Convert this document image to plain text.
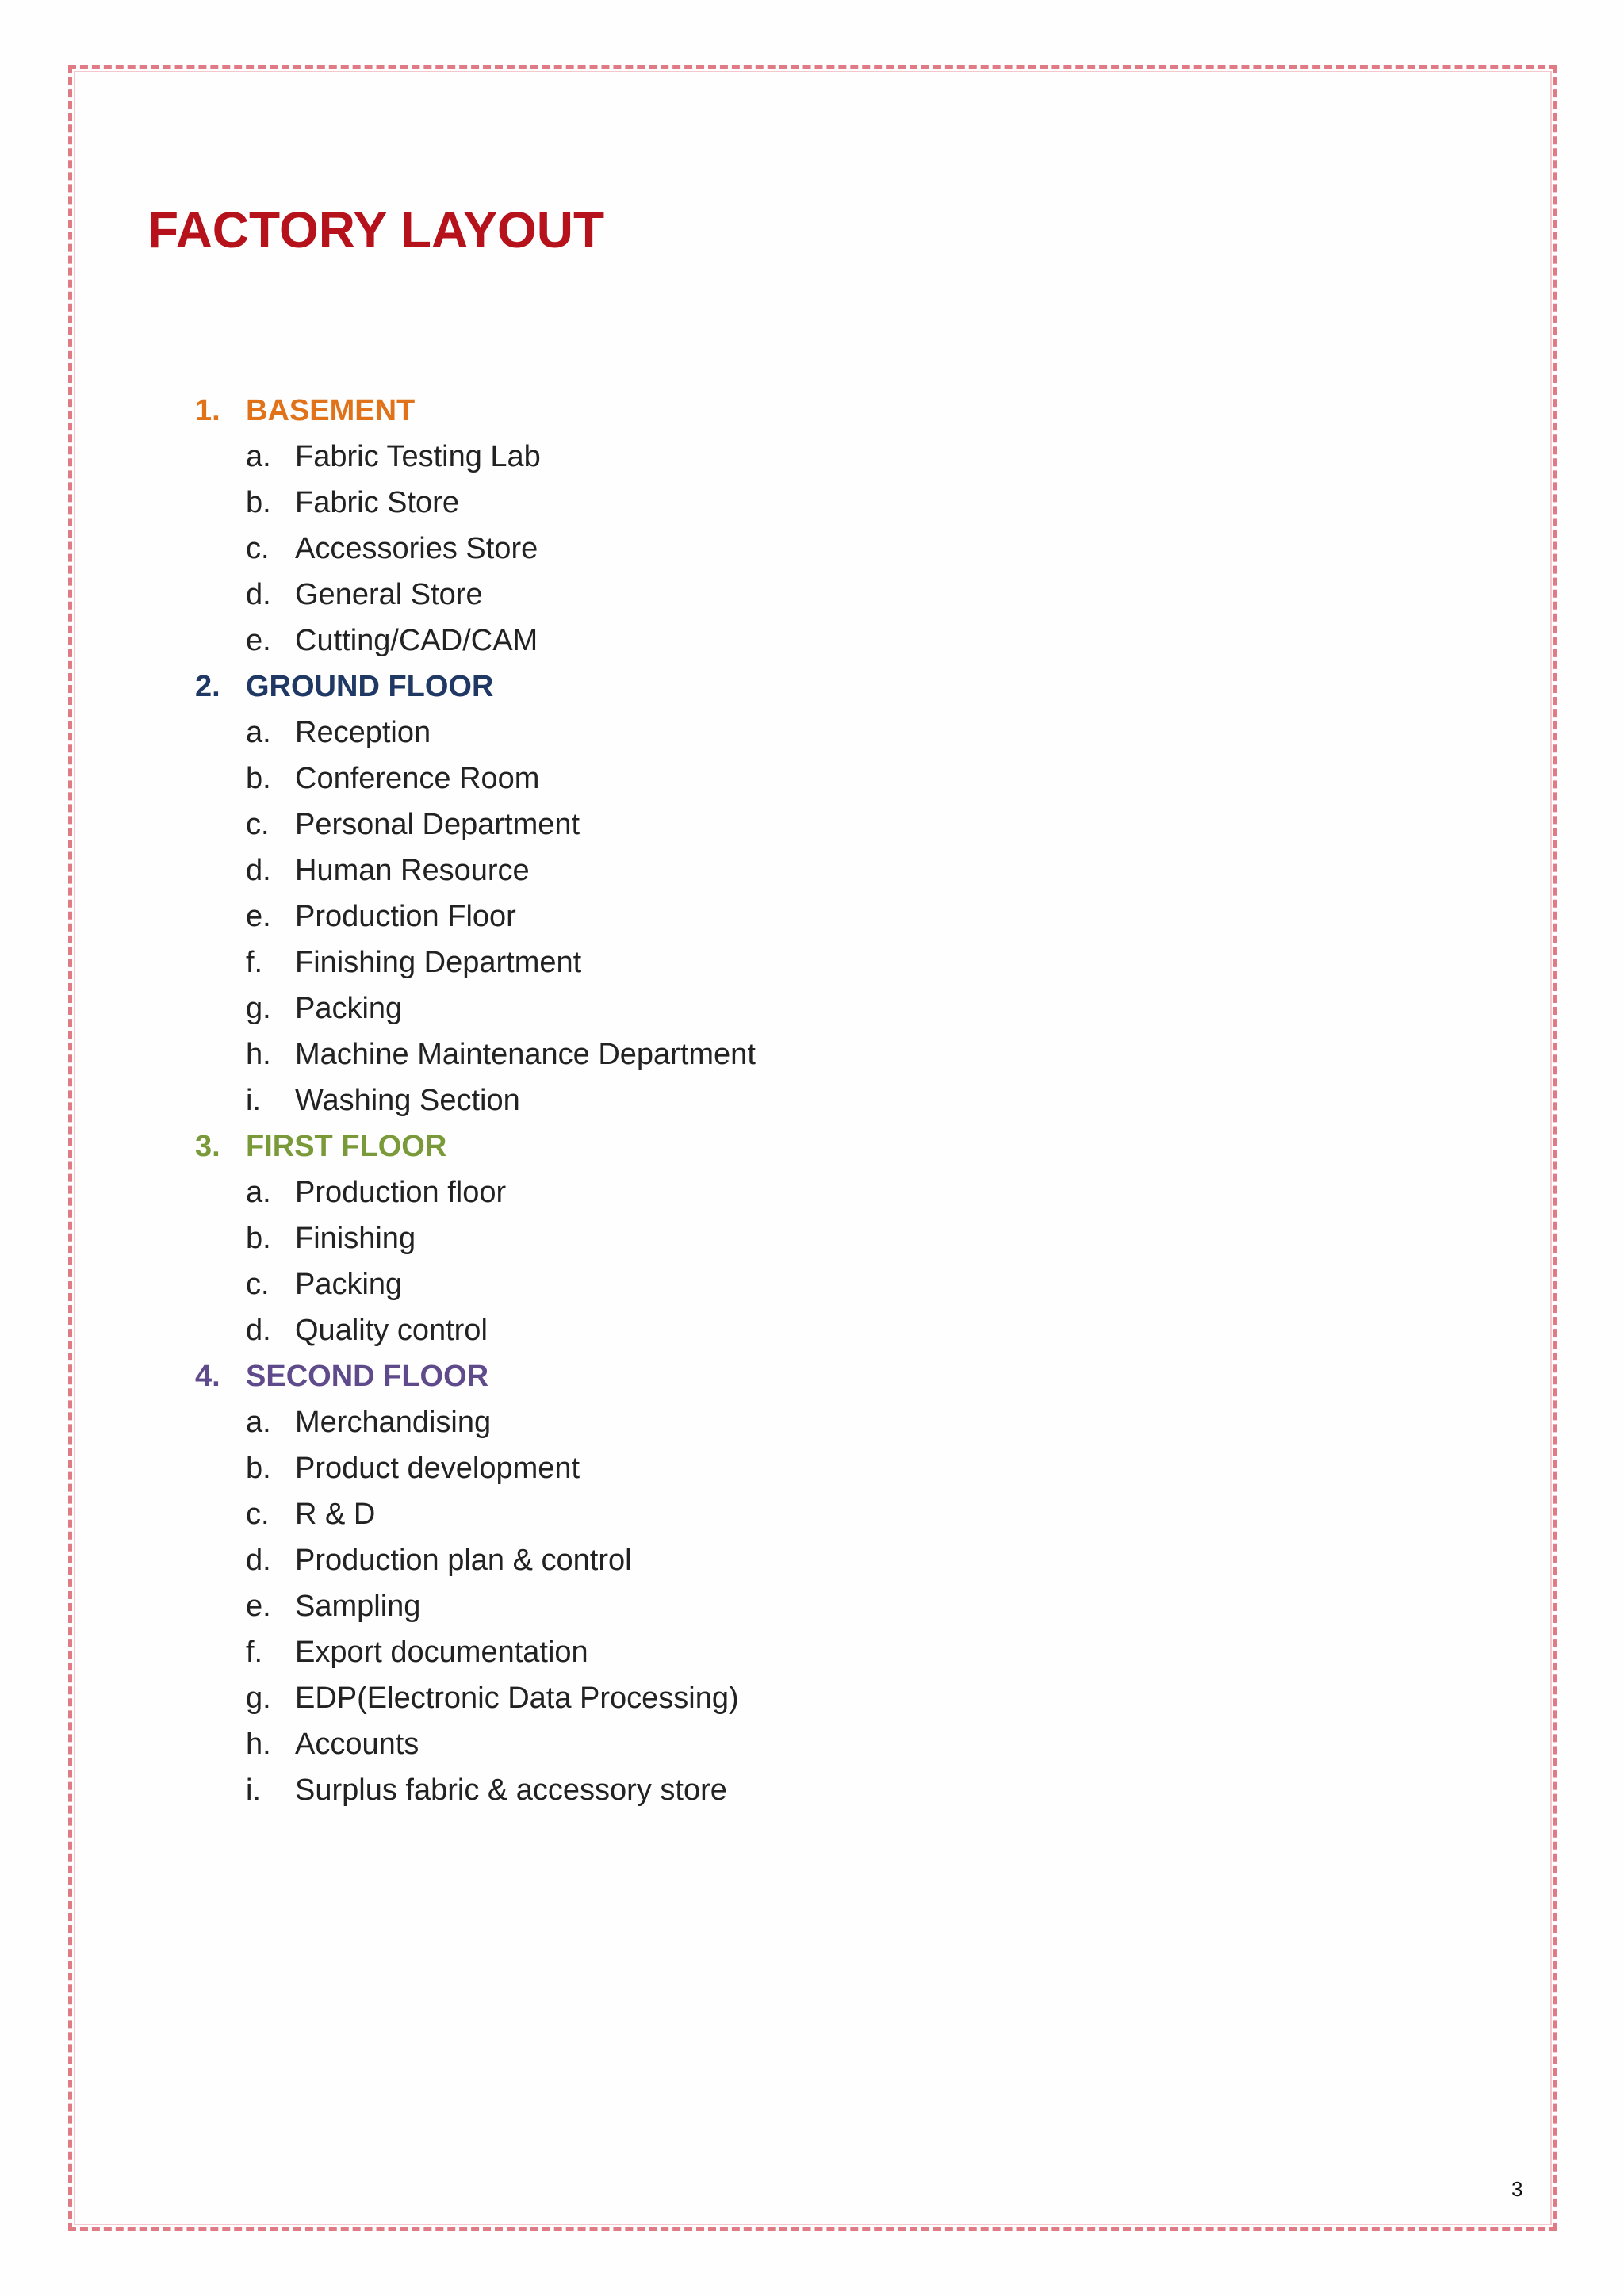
FACTORY LAYOUT
1. BASEMENT
a. Fabric Testing Lab
b. Fabric Store
c. Accessories Store
d. General Store
e. Cutting/CAD/CAM
2. GROUND FLOOR
a. Reception
b. Conference Room
c. Personal Department
d. Human Resource
e. Production Floor
f. Finishing Department
g. Packing
h. Machine Maintenance Department
i. Washing Section
3. FIRST FLOOR
a. Production floor
b. Finishing
c. Packing
d. Quality control
4. SECOND FLOOR
a. Merchandising
b. Product development
c. R & D
d. Production plan & control
e. Sampling
f. Export documentation
g. EDP(Electronic Data Processing)
h. Accounts
i. Surplus fabric & accessory store
3
